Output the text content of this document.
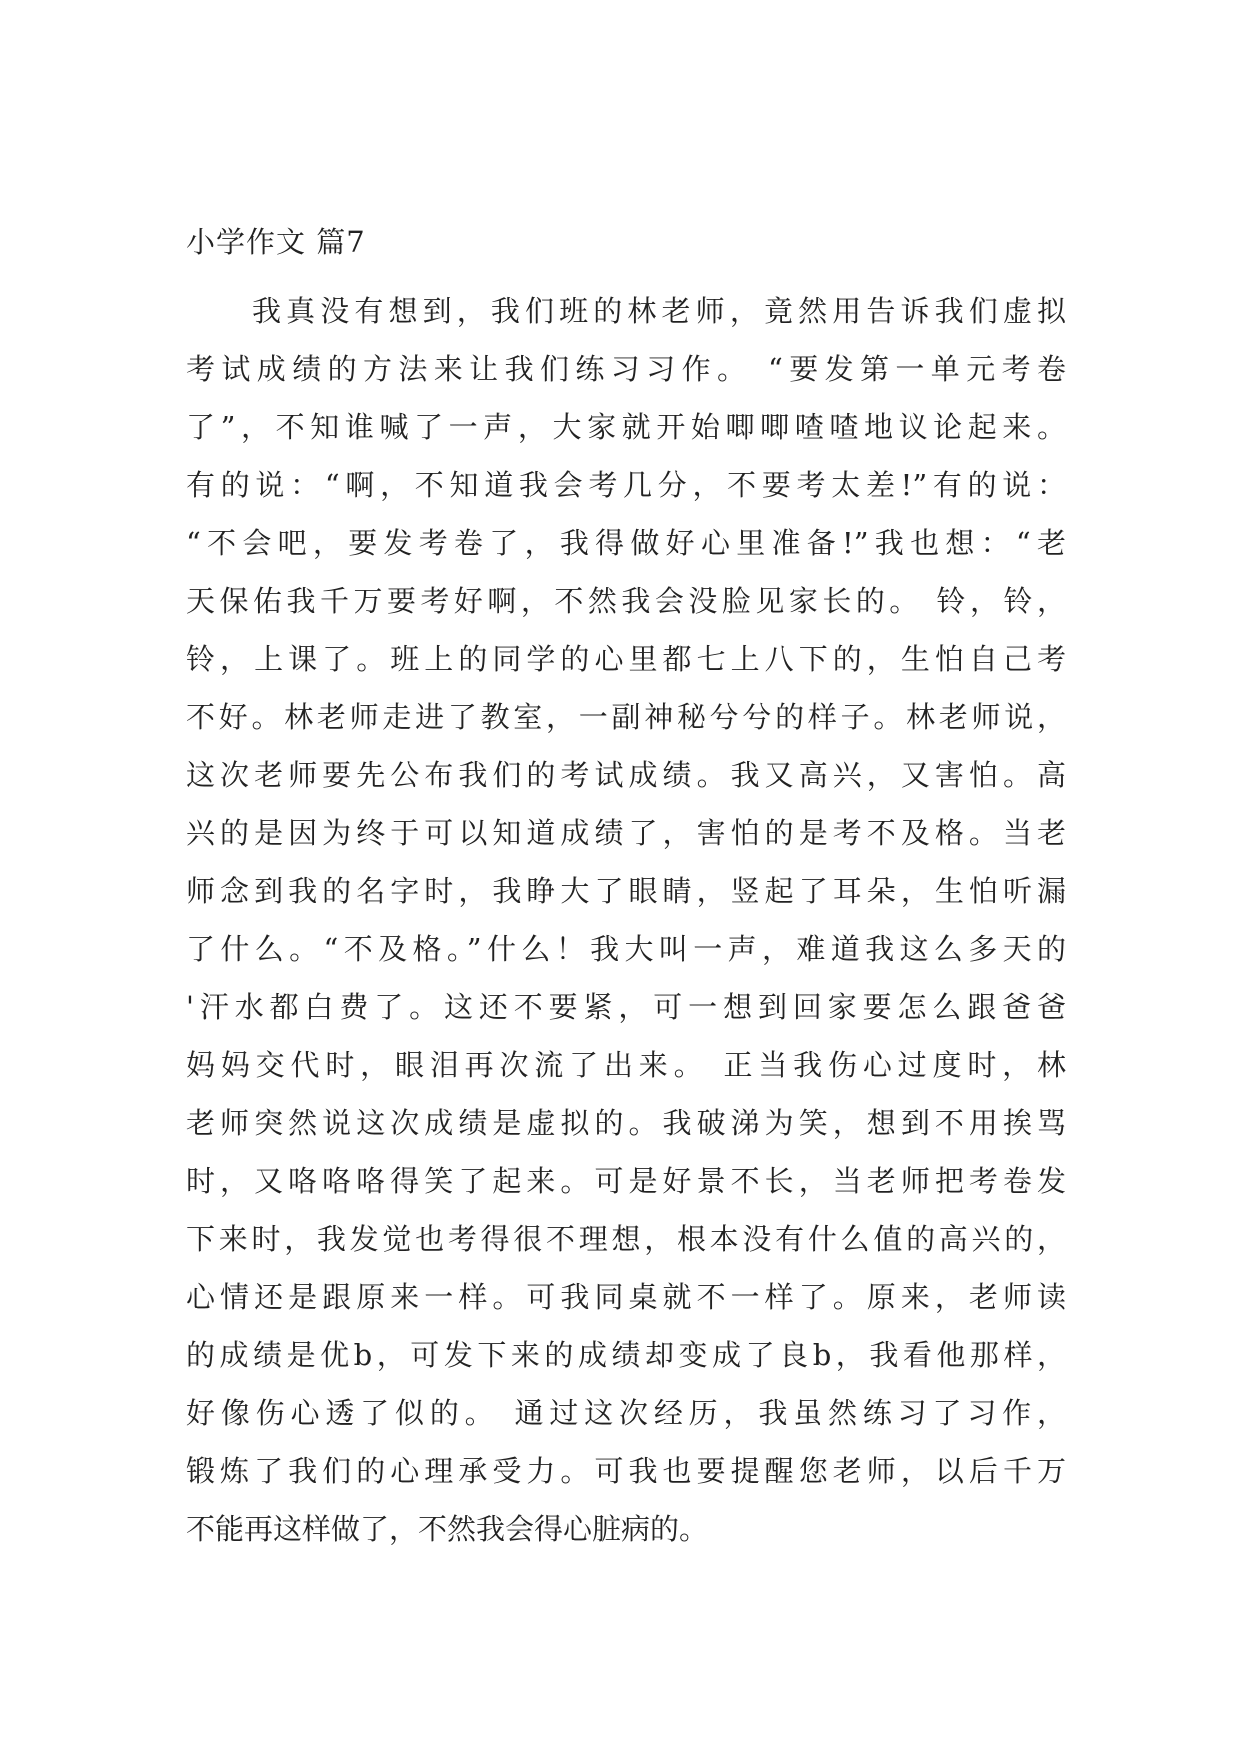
小学作文 篇7
我真没有想到，我们班的林老师，竟然用告诉我们虚拟
考试成绩的方法来让我们练习习作。 “要发第一单元考卷
了”，不知谁喊了一声，大家就开始唧唧喳喳地议论起来。
有的说：“啊，不知道我会考几分，不要考太差!”有的说：
“不会吧，要发考卷了，我得做好心里准备!”我也想：“老
天保佑我千万要考好啊，不然我会没脸见家长的。 铃，铃，
铃，上课了。班上的同学的心里都七上八下的，生怕自己考
不好。林老师走进了教室，一副神秘兮兮的样子。林老师说，
这次老师要先公布我们的考试成绩。我又高兴，又害怕。高
兴的是因为终于可以知道成绩了，害怕的是考不及格。当老
师念到我的名字时，我睁大了眼睛，竖起了耳朵，生怕听漏
了什么。“不及格。”什么！我大叫一声，难道我这么多天的
'汗水都白费了。这还不要紧，可一想到回家要怎么跟爸爸
妈妈交代时，眼泪再次流了出来。 正当我伤心过度时，林
老师突然说这次成绩是虚拟的。我破涕为笑，想到不用挨骂
时，又咯咯咯得笑了起来。可是好景不长，当老师把考卷发
下来时，我发觉也考得很不理想，根本没有什么值的高兴的，
心情还是跟原来一样。可我同桌就不一样了。原来，老师读
的成绩是优b，可发下来的成绩却变成了良b，我看他那样，
好像伤心透了似的。 通过这次经历，我虽然练习了习作，
锻炼了我们的心理承受力。可我也要提醒您老师，以后千万
不能再这样做了，不然我会得心脏病的。
